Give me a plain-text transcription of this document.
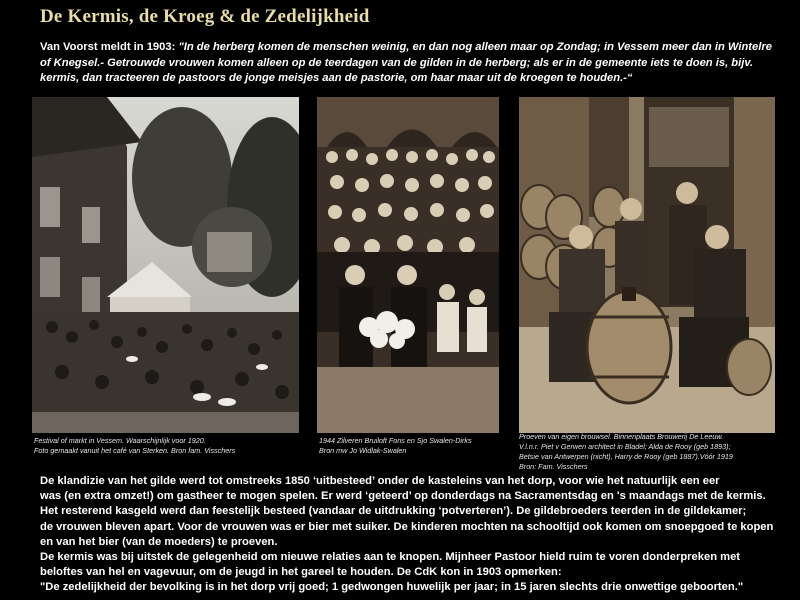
De Kermis, de Kroeg & de Zedelijkheid
Van Voorst meldt in 1903: "In de herberg komen de menschen weinig, en dan nog alleen maar op Zondag; in Vessem meer dan in Wintelre of Knegsel.- Getrouwde vrouwen komen alleen op de teerdagen van de gilden in de herberg; als er in de gemeente iets te doen is, bijv. kermis, dan tracteeren de pastoors de jonge meisjes aan de pastorie, om haar maar uit de kroegen te houden.-“
Festival of markt in Vessem. Waarschijnlijk voor 1920.
Foto gemaakt vanuit het café van Sterken. Bron fam. Visschers
1944 Zilveren Bruiloft Fons en Sjo Swalen-Dirks
Bron mw Jo Widlak-Swalen
Proeven van eigen brouwsel. Binnenplaats Brouwerij De Leeuw.
V.l.n.r. Piet v Gerwen architect in Bladel; Alda de Rooy (geb 1893);
Betsie van Antwerpen (nicht), Harry de Rooy (geb 1887).Vóór 1919
Bron: Fam. Visschers

De klandizie van het gilde werd tot omstreeks 1850 ‘uitbesteed’ onder de kasteleins van het dorp, voor wie het natuurlijk een eer

was (en extra omzet!) om gastheer te mogen spelen. Er werd ‘geteerd’ op donderdags na Sacramentsdag en 's maandags met de kermis.

Het resterend kasgeld werd dan feestelijk besteed (vandaar de uitdrukking ‘potverteren’). De gildebroeders teerden in de gildekamer;

de vrouwen bleven apart. Voor de vrouwen was er bier met suiker. De kinderen mochten na schooltijd ook komen om snoepgoed te kopen

en van het bier (van de moeders) te proeven.

De kermis was bij uitstek de gelegenheid om nieuwe relaties aan te knopen. Mijnheer Pastoor hield ruim te voren donderpreken met

beloftes van hel en vagevuur, om de jeugd in het gareel te houden. De CdK kon in 1903 opmerken:

"De zedelijkheid der bevolking is in het dorp vrij goed; 1 gedwongen huwelijk per jaar; in 15 jaren slechts drie onwettige geboorten."
